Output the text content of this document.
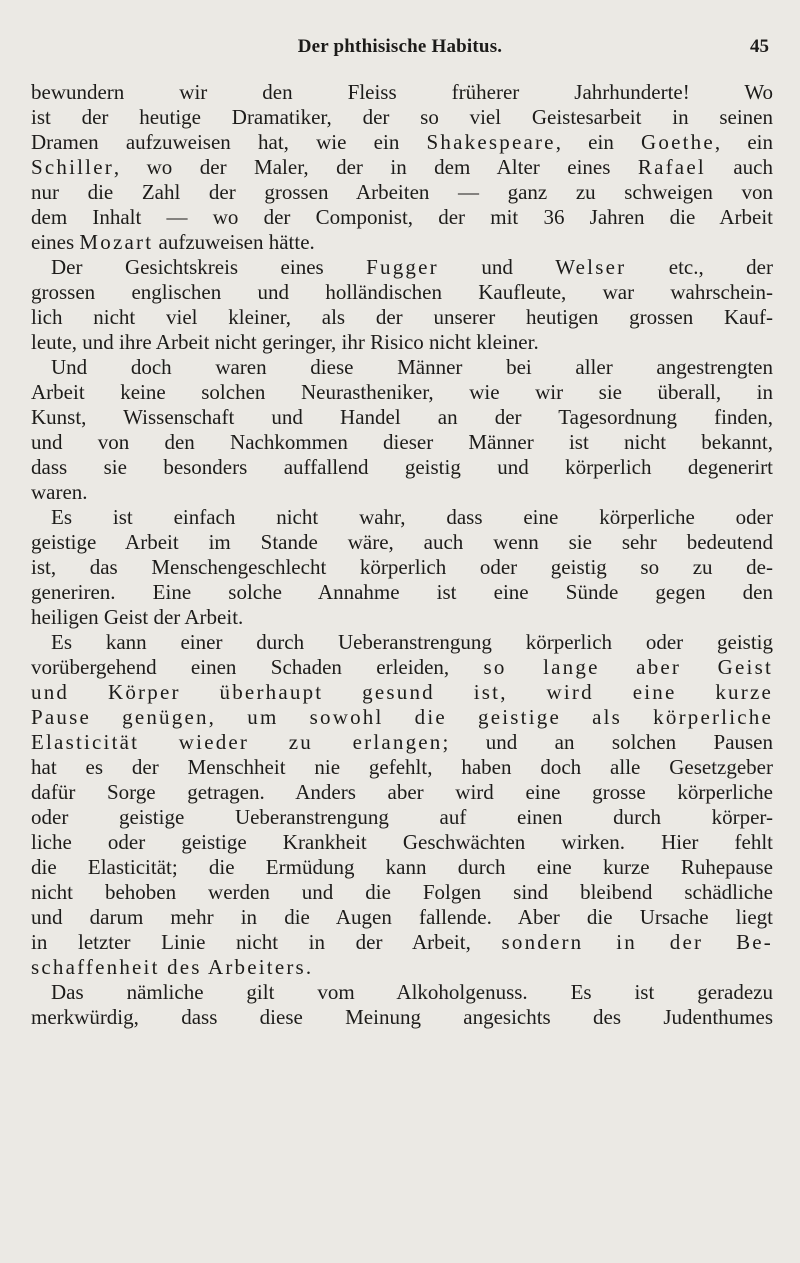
Der phthisische Habitus.	45
bewundern wir den Fleiss früherer Jahrhunderte! Wo
ist der heutige Dramatiker, der so viel Geistesarbeit in seinen
Dramen aufzuweisen hat, wie ein Shakespeare, ein Goethe, ein
Schiller, wo der Maler, der in dem Alter eines Rafael auch
nur die Zahl der grossen Arbeiten — ganz zu schweigen von
dem Inhalt — wo der Componist, der mit 36 Jahren die Arbeit
eines Mozart aufzuweisen hätte.
Der Gesichtskreis eines Fugger und Welser etc., der
grossen englischen und holländischen Kaufleute, war wahrschein-
lich nicht viel kleiner, als der unserer heutigen grossen Kauf-
leute, und ihre Arbeit nicht geringer, ihr Risico nicht kleiner.
Und doch waren diese Männer bei aller angestrengten
Arbeit keine solchen Neurastheniker, wie wir sie überall, in
Kunst, Wissenschaft und Handel an der Tagesordnung finden,
und von den Nachkommen dieser Männer ist nicht bekannt,
dass sie besonders auffallend geistig und körperlich degenerirt
waren.
Es ist einfach nicht wahr, dass eine körperliche oder
geistige Arbeit im Stande wäre, auch wenn sie sehr bedeutend
ist, das Menschengeschlecht körperlich oder geistig so zu de-
generiren. Eine solche Annahme ist eine Sünde gegen den
heiligen Geist der Arbeit.
Es kann einer durch Ueberanstrengung körperlich oder geistig
vorübergehend einen Schaden erleiden, so lange aber Geist
und Körper überhaupt gesund ist, wird eine kurze
Pause genügen, um sowohl die geistige als körperliche
Elasticität wieder zu erlangen; und an solchen Pausen
hat es der Menschheit nie gefehlt, haben doch alle Gesetzgeber
dafür Sorge getragen. Anders aber wird eine grosse körperliche
oder geistige Ueberanstrengung auf einen durch körper-
liche oder geistige Krankheit Geschwächten wirken. Hier fehlt
die Elasticität; die Ermüdung kann durch eine kurze Ruhepause
nicht behoben werden und die Folgen sind bleibend schädliche
und darum mehr in die Augen fallende. Aber die Ursache liegt
in letzter Linie nicht in der Arbeit, sondern in der Be-
schaffenheit des Arbeiters.
Das nämliche gilt vom Alkoholgenuss. Es ist geradezu
merkwürdig, dass diese Meinung angesichts des Judenthumes
